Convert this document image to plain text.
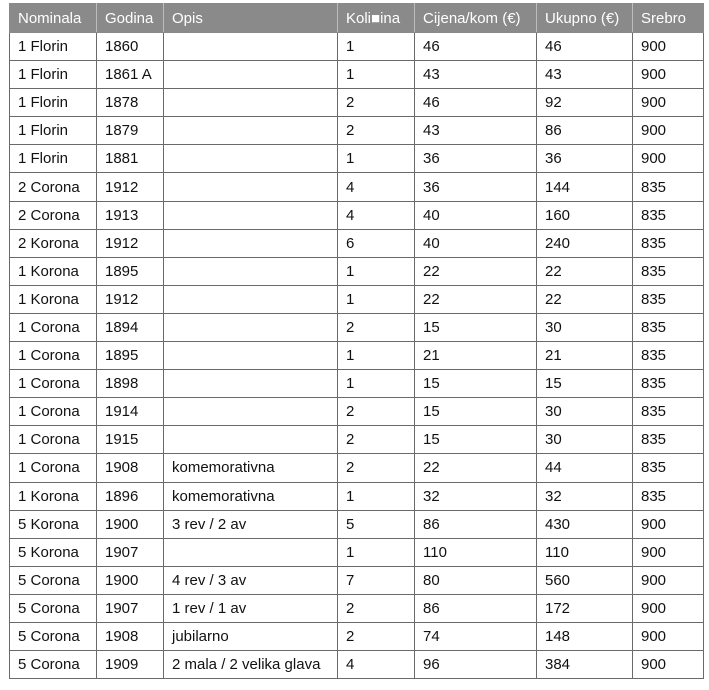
Nominala	Godina	Opis	Koli■ina	Cijena/kom (€)	Ukupno (€)	Srebro
1 Florin	1860		1	46	46	900
1 Florin	1861 A		1	43	43	900
1 Florin	1878		2	46	92	900
1 Florin	1879		2	43	86	900
1 Florin	1881		1	36	36	900
2 Corona	1912		4	36	144	835
2 Corona	1913		4	40	160	835
2 Korona	1912		6	40	240	835
1 Korona	1895		1	22	22	835
1 Korona	1912		1	22	22	835
1 Corona	1894		2	15	30	835
1 Corona	1895		1	21	21	835
1 Corona	1898		1	15	15	835
1 Corona	1914		2	15	30	835
1 Corona	1915		2	15	30	835
1 Corona	1908	komemorativna	2	22	44	835
1 Korona	1896	komemorativna	1	32	32	835
5 Korona	1900	3 rev / 2 av	5	86	430	900
5 Korona	1907		1	110	110	900
5 Corona	1900	4 rev / 3 av	7	80	560	900
5 Corona	1907	1 rev / 1 av	2	86	172	900
5 Corona	1908	jubilarno	2	74	148	900
5 Corona	1909	2 mala / 2 velika glava	4	96	384	900
